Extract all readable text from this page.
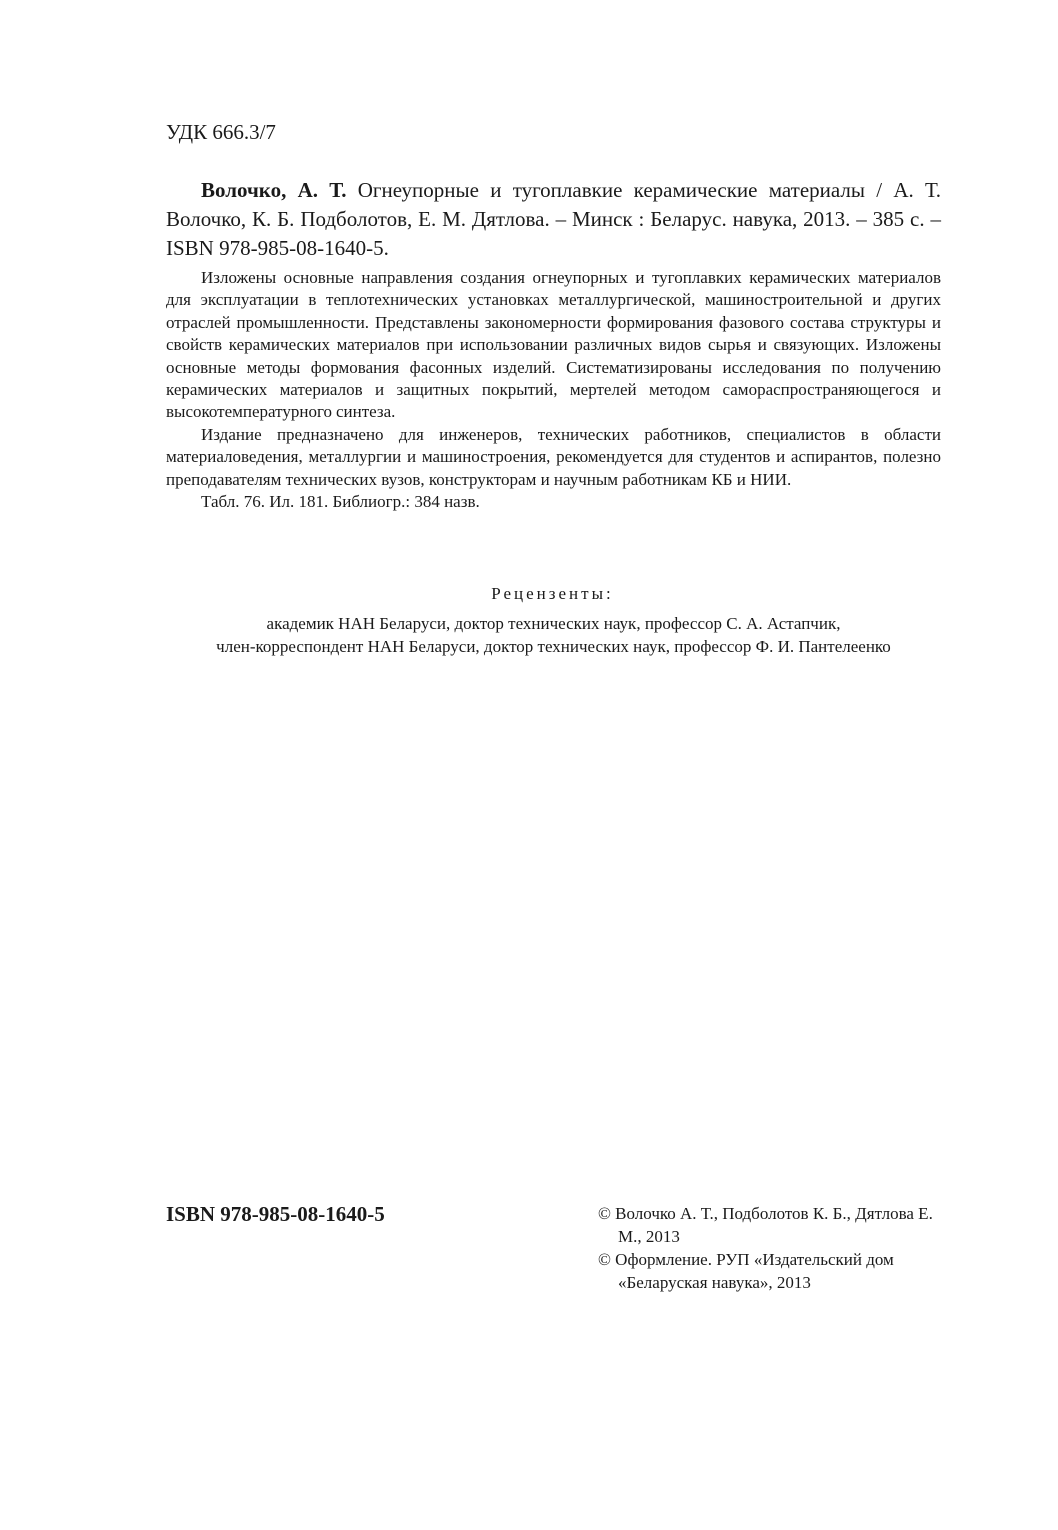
УДК 666.3/7

Волочко, А. Т. Огнеупорные и тугоплавкие керамические материалы / А. Т. Волочко, К. Б. Подболотов, Е. М. Дятлова. – Минск : Беларус. навука, 2013. – 385 с. – ISBN 978-985-08-1640-5.

Изложены основные направления создания огнеупорных и тугоплавких керамических материалов для эксплуатации в теплотехнических установках металлургической, машиностроительной и других отраслей промышленности. Представлены закономерности формирования фазового состава структуры и свойств керамических материалов при использовании различных видов сырья и связующих. Изложены основные методы формования фасонных изделий. Систематизированы исследования по получению керамических материалов и защитных покрытий, мертелей методом самораспространяющегося и высокотемпературного синтеза.

Издание предназначено для инженеров, технических работников, специалистов в области материаловедения, металлургии и машиностроения, рекомендуется для студентов и аспирантов, полезно преподавателям технических вузов, конструкторам и научным работникам КБ и НИИ.

Табл. 76. Ил. 181. Библиогр.: 384 назв.

Рецензенты:
академик НАН Беларуси, доктор технических наук, профессор С. А. Астапчик,
член-корреспондент НАН Беларуси, доктор технических наук, профессор Ф. И. Пантелеенко
ISBN 978-985-08-1640-5	© Волочко А. Т., Подболотов К. Б., Дятлова Е. М., 2013
© Оформление. РУП «Издательский дом «Беларуская навука», 2013
